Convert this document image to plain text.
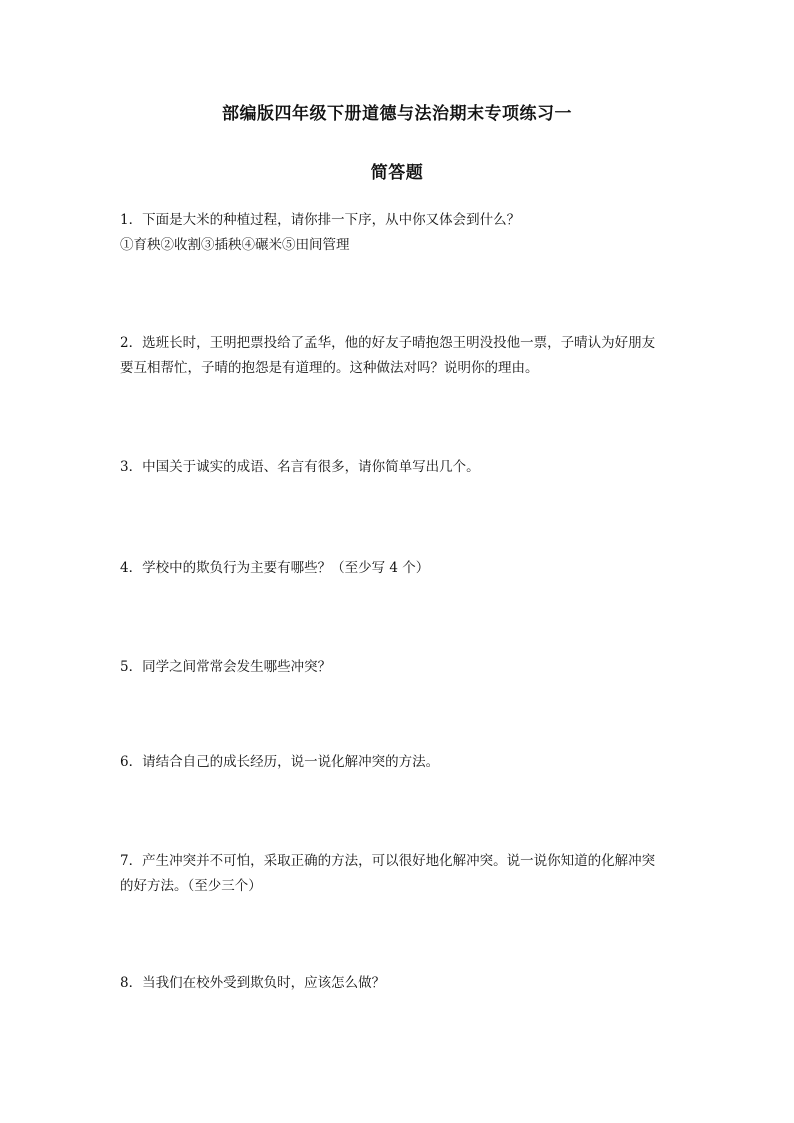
部编版四年级下册道德与法治期末专项练习一
简答题
1．下面是大米的种植过程，请你排一下序，从中你又体会到什么？
①育秧②收割③插秧④碾米⑤田间管理
2．选班长时，王明把票投给了孟华，他的好友子晴抱怨王明没投他一票，子晴认为好朋友
要互相帮忙，子晴的抱怨是有道理的。这种做法对吗？说明你的理由。
3．中国关于诚实的成语、名言有很多，请你简单写出几个。
4．学校中的欺负行为主要有哪些？（至少写 4 个）
5．同学之间常常会发生哪些冲突？
6．请结合自己的成长经历，说一说化解冲突的方法。
7．产生冲突并不可怕，采取正确的方法，可以很好地化解冲突。说一说你知道的化解冲突
的好方法。（至少三个）
8．当我们在校外受到欺负时，应该怎么做？
